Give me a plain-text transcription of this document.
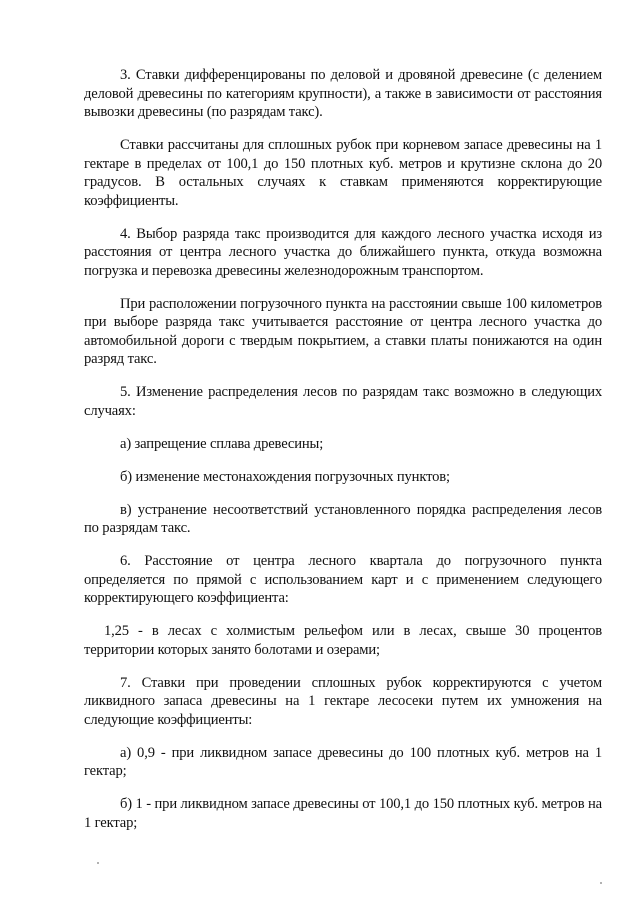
3. Ставки дифференцированы по деловой и дровяной древесине (с делением деловой древесины по категориям крупности), а также в зависимости от расстояния вывозки древесины (по разрядам такс).

Ставки рассчитаны для сплошных рубок при корневом запасе древесины на 1 гектаре в пределах от 100,1 до 150 плотных куб. метров и крутизне склона до 20 градусов. В остальных случаях к ставкам применяются корректирующие коэффициенты.

4. Выбор разряда такс производится для каждого лесного участка исходя из расстояния от центра лесного участка до ближайшего пункта, откуда возможна погрузка и перевозка древесины железнодорожным транспортом.

При расположении погрузочного пункта на расстоянии свыше 100 километров при выборе разряда такс учитывается расстояние от центра лесного участка до автомобильной дороги с твердым покрытием, а ставки платы понижаются на один разряд такс.

5. Изменение распределения лесов по разрядам такс возможно в следующих случаях:

а) запрещение сплава древесины;

б) изменение местонахождения погрузочных пунктов;

в) устранение несоответствий установленного порядка распределения лесов по разрядам такс.

6. Расстояние от центра лесного квартала до погрузочного пункта определяется по прямой с использованием карт и с применением следующего корректирующего коэффициента:

1,25 - в лесах с холмистым рельефом или в лесах, свыше 30 процентов территории которых занято болотами и озерами;

7. Ставки при проведении сплошных рубок корректируются с учетом ликвидного запаса древесины на 1 гектаре лесосеки путем их умножения на следующие коэффициенты:

а) 0,9 - при ликвидном запасе древесины до 100 плотных куб. метров на 1 гектар;

б) 1 - при ликвидном запасе древесины от 100,1 до 150 плотных куб. метров на 1 гектар;
